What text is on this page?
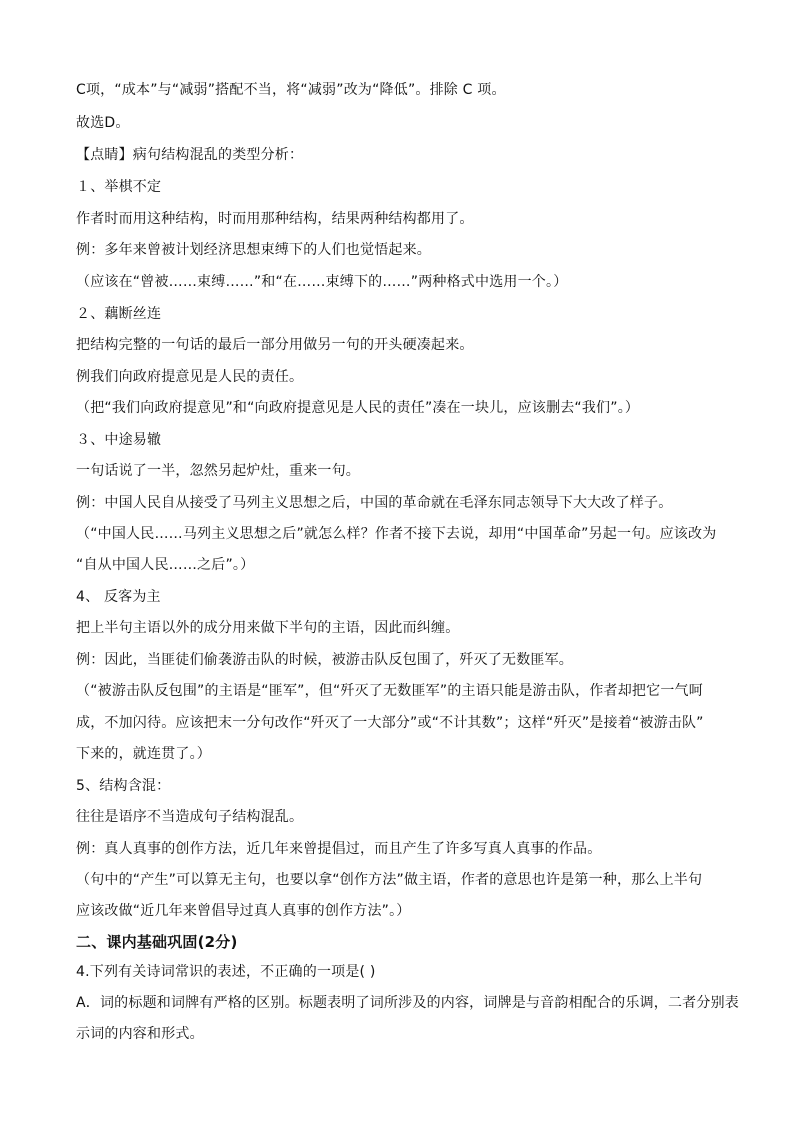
C项，“成本”与“减弱”搭配不当，将“减弱”改为“降低”。排除 C 项。
故选D。
【点睛】病句结构混乱的类型分析：
１、举棋不定
作者时而用这种结构，时而用那种结构，结果两种结构都用了。
例：多年来曾被计划经济思想束缚下的人们也觉悟起来。
（应该在“曾被……束缚……”和“在……束缚下的……”两种格式中选用一个。）
２、藕断丝连
把结构完整的一句话的最后一部分用做另一句的开头硬凑起来。
例我们向政府提意见是人民的责任。
（把“我们向政府提意见”和“向政府提意见是人民的责任”凑在一块儿，应该删去“我们”。）
３、中途易辙
一句话说了一半，忽然另起炉灶，重来一句。
例：中国人民自从接受了马列主义思想之后，中国的革命就在毛泽东同志领导下大大改了样子。
（“中国人民……马列主义思想之后”就怎么样？作者不接下去说，却用“中国革命”另起一句。应该改为
“自从中国人民……之后”。）
4、 反客为主
把上半句主语以外的成分用来做下半句的主语，因此而纠缠。
例：因此，当匪徒们偷袭游击队的时候，被游击队反包围了，歼灭了无数匪军。
（“被游击队反包围”的主语是“匪军”，但“歼灭了无数匪军”的主语只能是游击队，作者却把它一气呵
成，不加闪待。应该把末一分句改作“歼灭了一大部分”或“不计其数”；这样“歼灭”是接着“被游击队”
下来的，就连贯了。）
5、结构含混：
往往是语序不当造成句子结构混乱。
例：真人真事的创作方法，近几年来曾提倡过，而且产生了许多写真人真事的作品。
（句中的“产生”可以算无主句，也要以拿“创作方法”做主语，作者的意思也许是第一种，那么上半句
应该改做“近几年来曾倡导过真人真事的创作方法”。）
二、课内基础巩固(2分)
4.下列有关诗词常识的表述，不正确的一项是( )
A．词的标题和词牌有严格的区别。标题表明了词所涉及的内容，词牌是与音韵相配合的乐调，二者分别表
示词的内容和形式。
